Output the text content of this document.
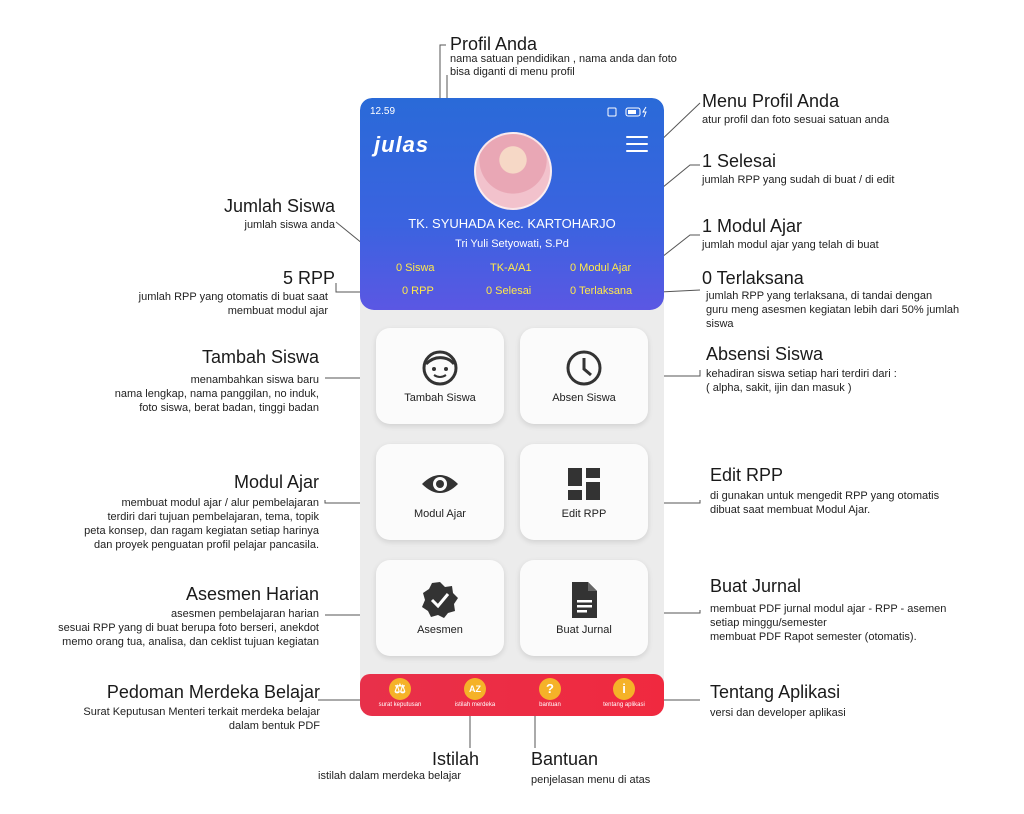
12.59
julas
TK. SYUHADA Kec. KARTOHARJO
Tri Yuli Setyowati, S.Pd
0 Siswa	TK-A/A1	0 Modul Ajar
0 RPP	0 Selesai	0 Terlaksana
Tambah Siswa	Absen Siswa
Modul Ajar	Edit RPP
Asesmen	Buat Jurnal
⚖
surat keputusan
AZ
istilah merdeka
?
bantuan
i
tentang aplikasi
Profil Anda
nama satuan pendidikan , nama anda dan foto
bisa diganti di menu profil
Menu Profil Anda
atur profil dan foto sesuai satuan anda
1 Selesai
jumlah RPP yang sudah di buat / di edit
1 Modul Ajar
jumlah modul ajar yang telah di buat
0 Terlaksana
jumlah RPP yang terlaksana, di tandai dengan
guru meng asesmen kegiatan lebih dari 50% jumlah
siswa
Absensi Siswa
kehadiran siswa setiap hari terdiri dari :
( alpha, sakit, ijin dan masuk )
Edit RPP
di gunakan untuk mengedit RPP yang otomatis
dibuat saat membuat Modul Ajar.
Buat Jurnal
membuat PDF jurnal modul ajar - RPP - asemen
setiap minggu/semester
membuat PDF Rapot semester (otomatis).
Tentang Aplikasi
versi dan developer aplikasi
Jumlah Siswa
jumlah siswa anda
5 RPP
jumlah RPP yang otomatis di buat saat
membuat modul ajar
Tambah Siswa
menambahkan siswa baru
nama lengkap, nama panggilan, no induk,
foto siswa, berat badan, tinggi badan
Modul Ajar
membuat modul ajar / alur pembelajaran
terdiri dari tujuan pembelajaran, tema, topik
peta konsep, dan ragam kegiatan setiap harinya
dan proyek penguatan profil pelajar pancasila.
Asesmen Harian
asesmen pembelajaran harian
sesuai RPP yang di buat berupa foto berseri, anekdot
memo orang tua, analisa, dan ceklist tujuan kegiatan
Pedoman Merdeka Belajar
Surat Keputusan Menteri terkait merdeka belajar
dalam bentuk PDF
Istilah
istilah dalam merdeka belajar
Bantuan
penjelasan menu di atas
